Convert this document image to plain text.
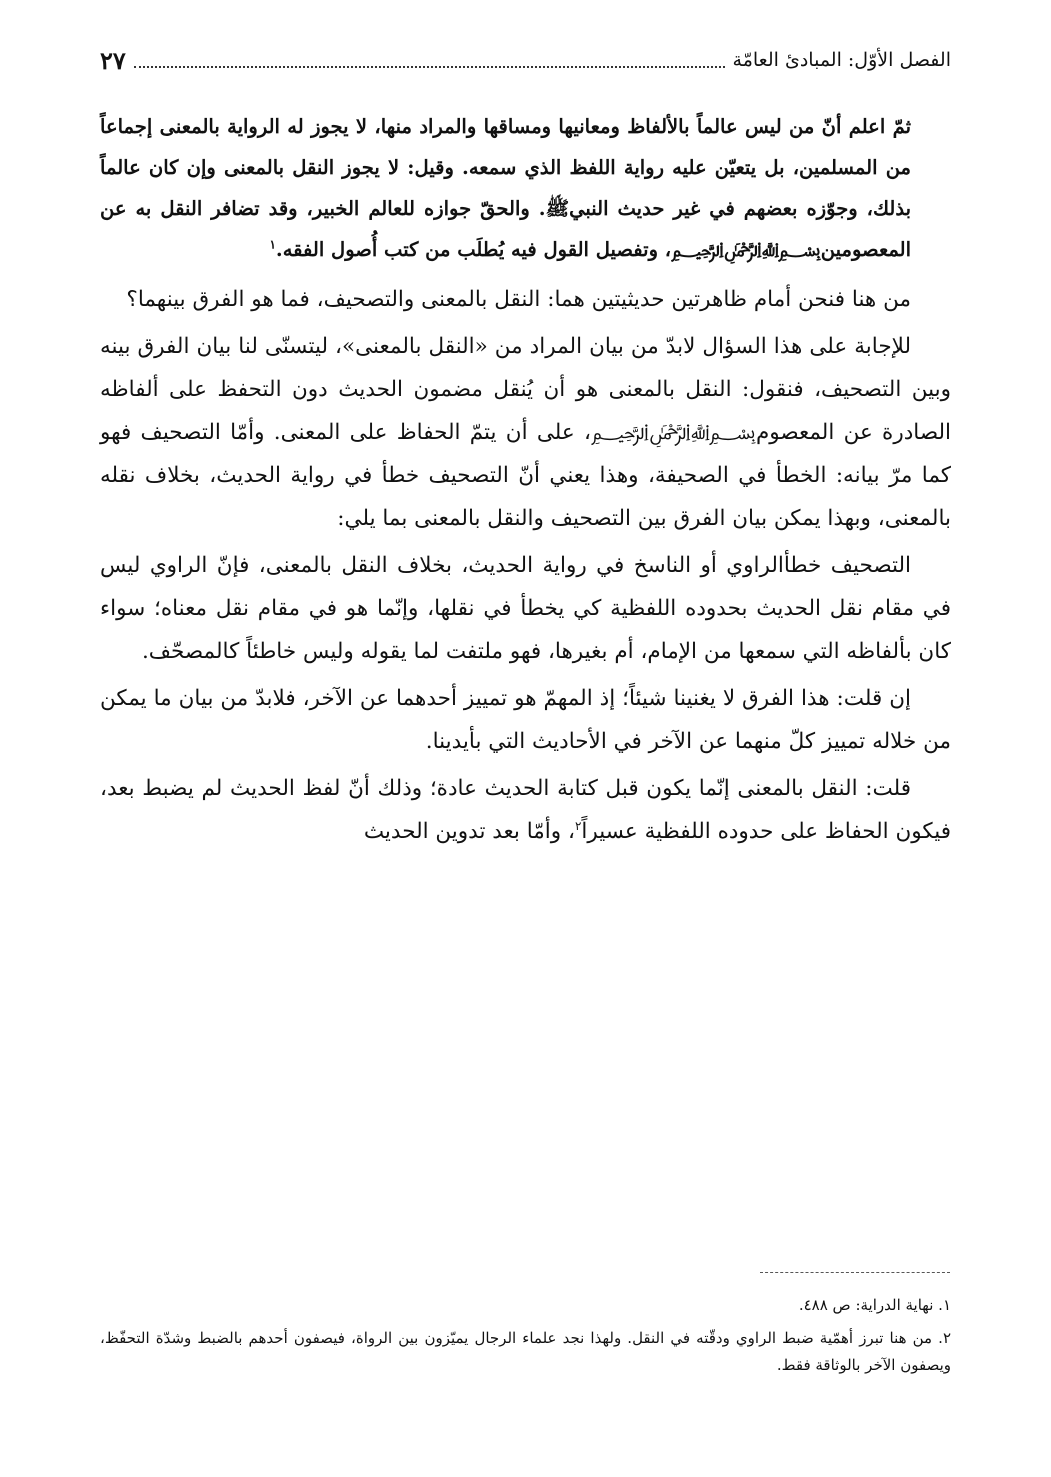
الفصل الأوّل: المبادئ العامّة
٢٧

ثمّ اعلم أنّ من ليس عالماً بالألفاظ ومعانيها ومساقها والمراد منها، لا يجوز له الرواية بالمعنى إجماعاً من المسلمين، بل يتعيّن عليه رواية اللفظ الذي سمعه. وقيل: لا يجوز النقل بالمعنى وإن كان عالماً بذلك، وجوّزه بعضهم في غير حديث النبيﷺ. والحقّ جوازه للعالم الخبير، وقد تضافر النقل به عن المعصومين﷽، وتفصيل القول فيه يُطلَب من كتب أُصول الفقه.$^١$

من هنا فنحن أمام ظاهرتين حديثيتين هما: النقل بالمعنى والتصحيف، فما هو الفرق بينهما؟

للإجابة على هذا السؤال لابدّ من بيان المراد من «النقل بالمعنى»، ليتسنّى لنا بيان الفرق بينه وبين التصحيف، فنقول: النقل بالمعنى هو أن يُنقل مضمون الحديث دون التحفظ على ألفاظه الصادرة عن المعصوم﷽، على أن يتمّ الحفاظ على المعنى. وأمّا التصحيف فهو كما مرّ بيانه: الخطأ في الصحيفة، وهذا يعني أنّ التصحيف خطأ في رواية الحديث، بخلاف نقله بالمعنى، وبهذا يمكن بيان الفرق بين التصحيف والنقل بالمعنى بما يلي:

التصحيف خطأالراوي أو الناسخ في رواية الحديث، بخلاف النقل بالمعنى، فإنّ الراوي ليس في مقام نقل الحديث بحدوده اللفظية كي يخطأ في نقلها، وإنّما هو في مقام نقل معناه؛ سواء كان بألفاظه التي سمعها من الإمام، أم بغيرها، فهو ملتفت لما يقوله وليس خاطئاً كالمصحّف.

إن قلت: هذا الفرق لا يغنينا شيئاً؛ إذ المهمّ هو تمييز أحدهما عن الآخر، فلابدّ من بيان ما يمكن من خلاله تمييز كلّ منهما عن الآخر في الأحاديث التي بأيدينا.

قلت: النقل بالمعنى إنّما يكون قبل كتابة الحديث عادة؛ وذلك أنّ لفظ الحديث لم يضبط بعد، فيكون الحفاظ على حدوده اللفظية عسيراً$^٢$، وأمّا بعد تدوين الحديث

١. نهاية الدراية: ص ٤٨٨.

٢. من هنا تبرز أهمّية ضبط الراوي ودقّته في النقل. ولهذا نجد علماء الرجال يميّزون بين الرواة، فيصفون أحدهم بالضبط وشدّة التحفّظ، ويصفون الآخر بالوثاقة فقط.
